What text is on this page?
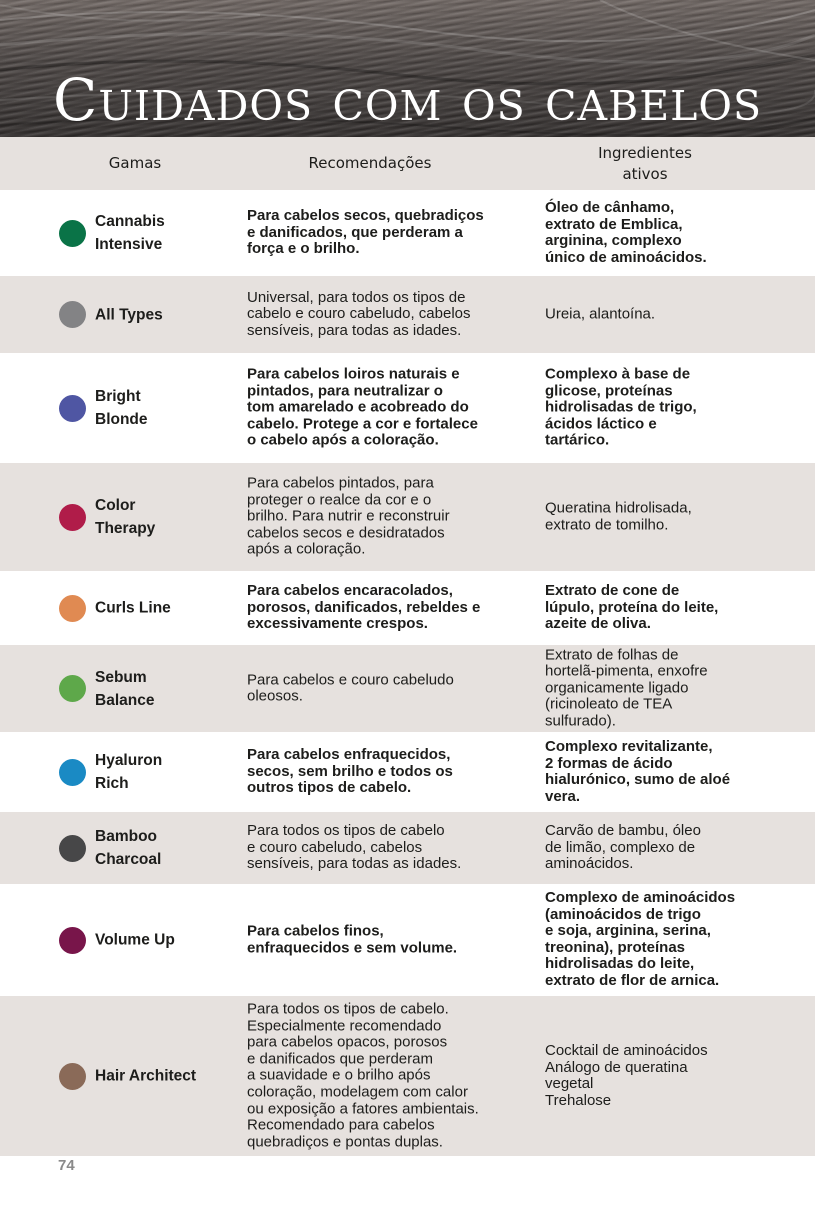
Cuidados com os cabelos
Gamas	Recomendações
Ingredientes
ativos
Cannabis
Intensive
Para cabelos secos, quebradiços
e danificados, que perderam a
força e o brilho.
Óleo de cânhamo,
extrato de Emblica,
arginina, complexo
único de aminoácidos.
All Types
Universal, para todos os tipos de
cabelo e couro cabeludo, cabelos
sensíveis, para todas as idades.
Ureia, alantoína.
Bright
Blonde
Para cabelos loiros naturais e
pintados, para neutralizar o
tom amarelado e acobreado do
cabelo. Protege a cor e fortalece
o cabelo após a coloração.
Complexo à base de
glicose, proteínas
hidrolisadas de trigo,
ácidos láctico e
tartárico.
Color
Therapy
Para cabelos pintados, para
proteger o realce da cor e o
brilho. Para nutrir e reconstruir
cabelos secos e desidratados
após a coloração.
Queratina hidrolisada,
extrato de tomilho.
Curls Line
Para cabelos encaracolados,
porosos, danificados, rebeldes e
excessivamente crespos.
Extrato de cone de
lúpulo, proteína do leite,
azeite de oliva.
Sebum
Balance
Para cabelos e couro cabeludo
oleosos.
Extrato de folhas de
hortelã-pimenta, enxofre
organicamente ligado
(ricinoleato de TEA
sulfurado).
Hyaluron
Rich
Para cabelos enfraquecidos,
secos, sem brilho e todos os
outros tipos de cabelo.
Complexo revitalizante,
2 formas de ácido
hialurónico, sumo de aloé
vera.
Bamboo
Charcoal
Para todos os tipos de cabelo
e couro cabeludo, cabelos
sensíveis, para todas as idades.
Carvão de bambu, óleo
de limão, complexo de
aminoácidos.
Volume Up
Para cabelos finos,
enfraquecidos e sem volume.
Complexo de aminoácidos
(aminoácidos de trigo
e soja, arginina, serina,
treonina), proteínas
hidrolisadas do leite,
extrato de flor de arnica.
Hair Architect
Para todos os tipos de cabelo.
Especialmente recomendado
para cabelos opacos, porosos
e danificados que perderam
a suavidade e o brilho após
coloração, modelagem com calor
ou exposição a fatores ambientais.
Recomendado para cabelos
quebradiços e pontas duplas.
Cocktail de aminoácidos
Análogo de queratina
vegetal
Trehalose
74
